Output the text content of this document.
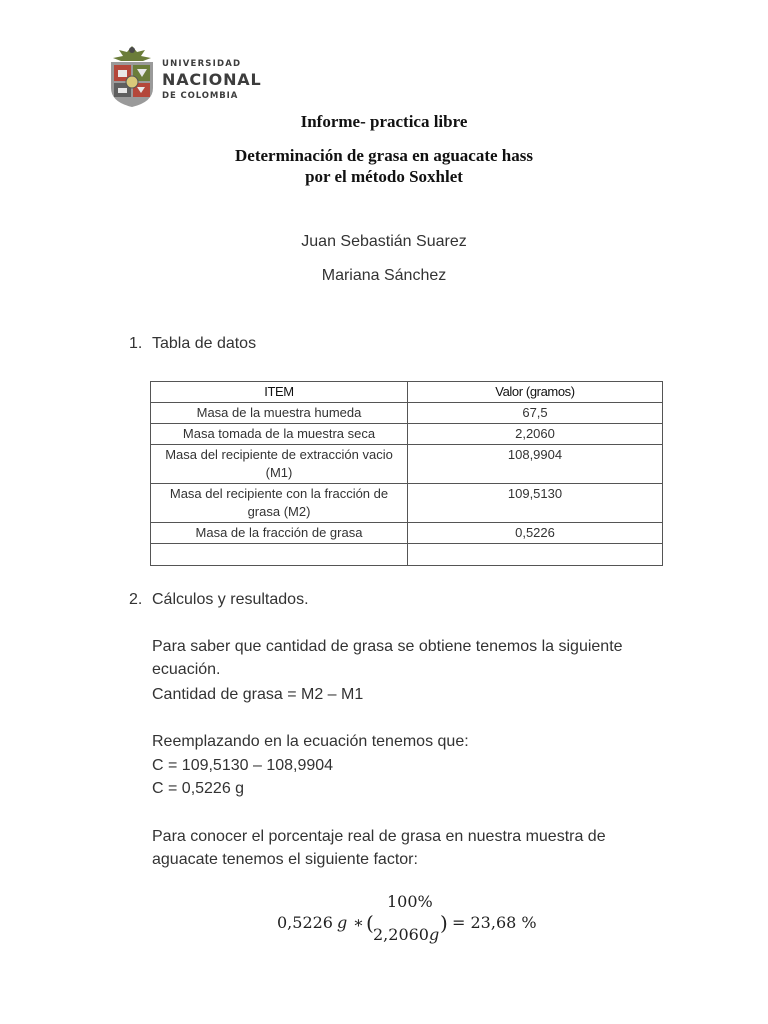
UNIVERSIDAD
NACIONAL
DE COLOMBIA
Informe- practica libre
Determinación de grasa en aguacate hass
por el método Soxhlet
Juan Sebastián Suarez
Mariana Sánchez
1. Tabla de datos
ITEM	Valor (gramos)
Masa de la muestra humeda	67,5
Masa tomada de la muestra seca	2,2060
Masa del recipiente de extracción vacio (M1)	108,9904
Masa del recipiente con la fracción de grasa (M2)	109,5130
Masa de la fracción de grasa	0,5226

2. Cálculos y resultados.
Para saber que cantidad de grasa se obtiene tenemos la siguiente
ecuación.
Cantidad de grasa = M2 – M1
Reemplazando en la ecuación tenemos que:
C = 109,5130 – 108,9904
C = 0,5226 g
Para conocer el porcentaje real de grasa en nuestra muestra de
aguacate tenemos el siguiente factor:
0,5226 g ∗ (
100%
2,2060 g ) = 23,68 %
